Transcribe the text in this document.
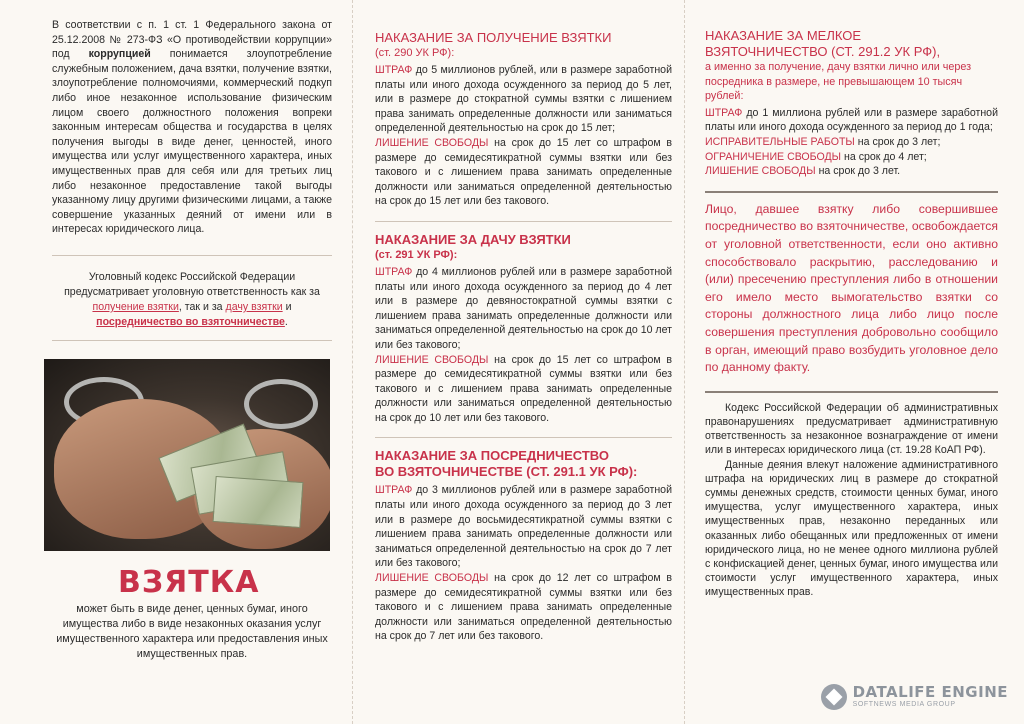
В соответствии с п. 1 ст. 1 Федерального закона от 25.12.2008 № 273-ФЗ «О противодействии коррупции» под коррупцией понимается злоупотребление служебным положением, дача взятки, получение взятки, злоупотребление полномочиями, коммерческий подкуп либо иное незаконное использование физическим лицом своего должностного положения вопреки законным интересам общества и государства в целях получения выгоды в виде денег, ценностей, иного имущества или услуг имущественного характера, иных имущественных прав для себя или для третьих лиц либо незаконное предоставление такой выгоды указанному лицу другими физическими лицами, а также совершение указанных деяний от имени или в интересах юридического лица.

Уголовный кодекс Российской Федерации предусматривает уголовную ответственность как за получение взятки, так и за дачу взятки и посредничество во взяточничестве.

ВЗЯТКА

может быть в виде денег, ценных бумаг, иного имущества либо в виде незаконных оказания услуг имущественного характера или предоставления иных имущественных прав.

НАКАЗАНИЕ ЗА ПОЛУЧЕНИЕ ВЗЯТКИ

(ст. 290 УК РФ):

ШТРАФ до 5 миллионов рублей, или в размере заработной платы или иного дохода осужденного за период до 5 лет, или в размере до стократной суммы взятки с лишением права занимать определенные должности или заниматься определенной деятельностью на срок до 15 лет;

ЛИШЕНИЕ СВОБОДЫ на срок до 15 лет со штрафом в размере до семидесятикратной суммы взятки или без такового и с лишением права занимать определенные должности или заниматься определенной деятельностью на срок до 15 лет или без такового.

НАКАЗАНИЕ ЗА ДАЧУ ВЗЯТКИ

(ст. 291 УК РФ):

ШТРАФ до 4 миллионов рублей или в размере заработной платы или иного дохода осужденного за период до 4 лет или в размере до девяностократной суммы взятки с лишением права занимать определенные должности или заниматься определенной деятельностью на срок до 10 лет или без такового;

ЛИШЕНИЕ СВОБОДЫ на срок до 15 лет со штрафом в размере до семидесятикратной суммы взятки или без такового и с лишением права занимать определенные должности или заниматься определенной деятельностью на срок до 10 лет или без такового.

НАКАЗАНИЕ ЗА ПОСРЕДНИЧЕСТВО

ВО ВЗЯТОЧНИЧЕСТВЕ (СТ. 291.1 УК РФ):

ШТРАФ до 3 миллионов рублей или в размере заработной платы или иного дохода осужденного за период до 3 лет или в размере до восьмидесятикратной суммы взятки с лишением права занимать определенные должности или заниматься определенной деятельностью на срок до 7 лет или без такового;

ЛИШЕНИЕ СВОБОДЫ на срок до 12 лет со штрафом в размере до семидесятикратной суммы взятки или без такового и с лишением права занимать определенные должности или заниматься определенной деятельностью на срок до 7 лет или без такового.

НАКАЗАНИЕ ЗА МЕЛКОЕ

ВЗЯТОЧНИЧЕСТВО (СТ. 291.2 УК РФ),

а именно за получение, дачу взятки лично или через посредника в размере, не превышающем 10 тысяч рублей:

ШТРАФ до 1 миллиона рублей или в размере заработной платы или иного дохода осужденного за период до 1 года;

ИСПРАВИТЕЛЬНЫЕ РАБОТЫ на срок до 3 лет;

ОГРАНИЧЕНИЕ СВОБОДЫ на срок до 4 лет;

ЛИШЕНИЕ СВОБОДЫ на срок до 3 лет.

Лицо, давшее взятку либо совершившее посредничество во взяточничестве, освобождается от уголовной ответственности, если оно активно способствовало раскрытию, расследованию и (или) пресечению преступления либо в отношении его имело место вымогательство взятки со стороны должностного лица либо лицо после совершения преступления добровольно сообщило в орган, имеющий право возбудить уголовное дело по данному факту.

Кодекс Российской Федерации об административных правонарушениях предусматривает административную ответственность за незаконное вознаграждение от имени или в интересах юридического лица (ст. 19.28 КоАП РФ).

Данные деяния влекут наложение административного штрафа на юридических лиц в размере до стократной суммы денежных средств, стоимости ценных бумаг, иного имущества, услуг имущественного характера, иных имущественных прав, незаконно переданных или оказанных либо обещанных или предложенных от имени юридического лица, но не менее одного миллиона рублей с конфискацией денег, ценных бумаг, иного имущества или стоимости услуг имущественного характера, иных имущественных прав.

DATALIFE ENGINE
SOFTNEWS MEDIA GROUP
